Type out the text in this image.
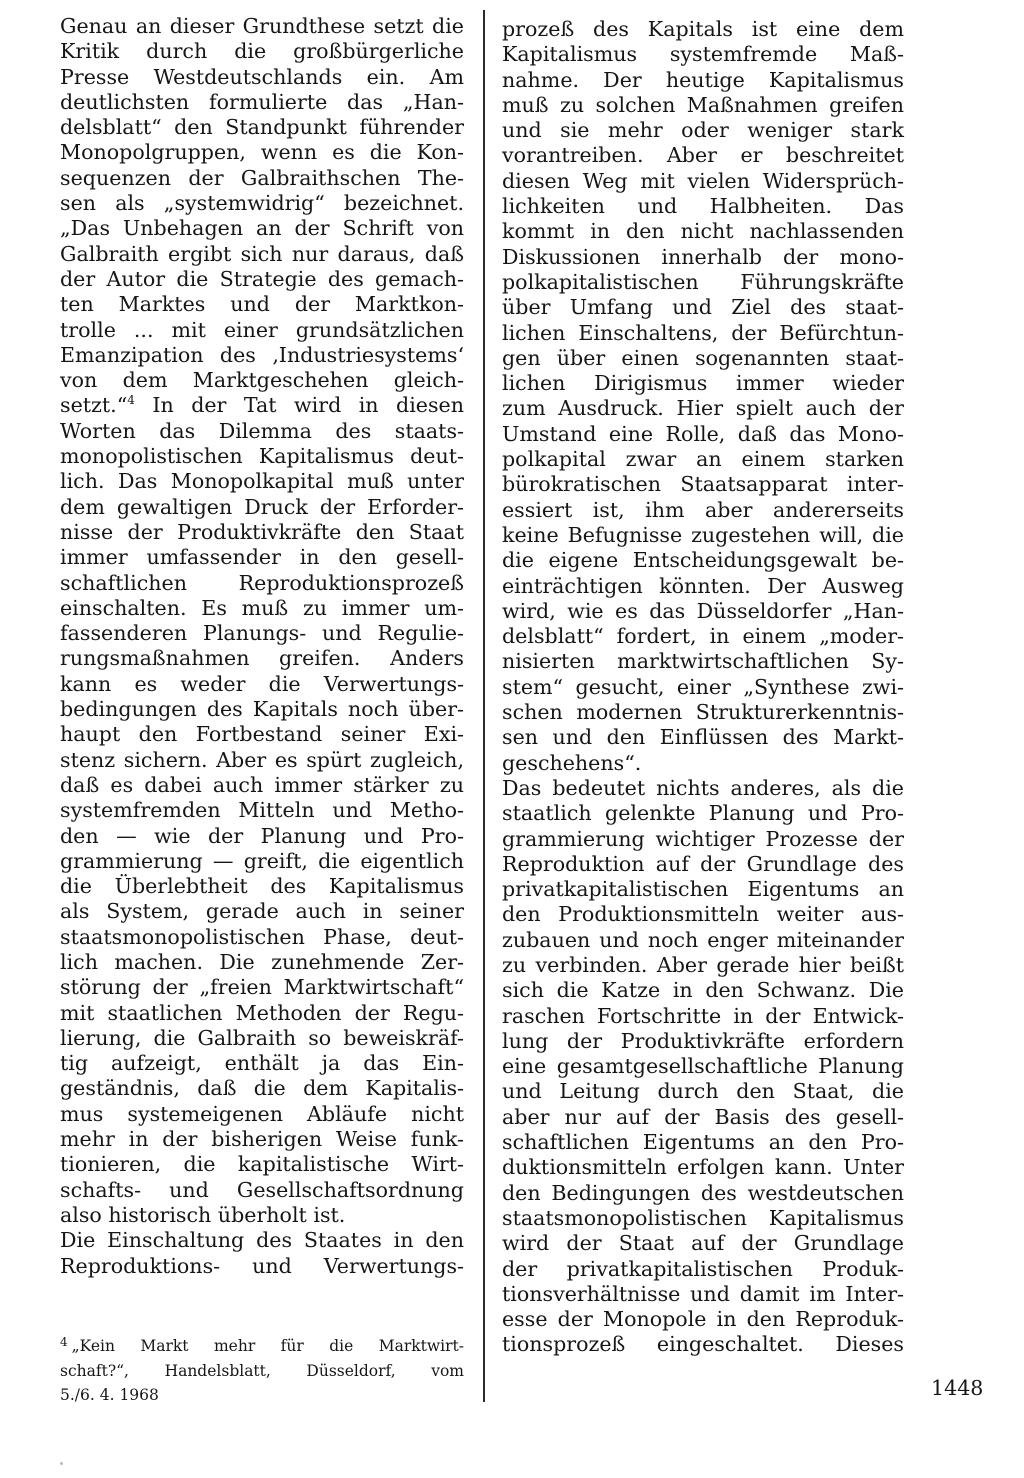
Genau an dieser Grundthese setzt die
Kritik durch die großbürgerliche
Presse Westdeutschlands ein. Am
deutlichsten formulierte das „Han-
delsblatt“ den Standpunkt führender
Monopolgruppen, wenn es die Kon-
sequenzen der Galbraithschen The-
sen als „systemwidrig“ bezeichnet.
„Das Unbehagen an der Schrift von
Galbraith ergibt sich nur daraus, daß
der Autor die Strategie des gemach-
ten Marktes und der Marktkon-
trolle ... mit einer grundsätzlichen
Emanzipation des ‚Industriesystems‘
von dem Marktgeschehen gleich-
setzt.“$^4$ In der Tat wird in diesen
Worten das Dilemma des staats-
monopolistischen Kapitalismus deut-
lich. Das Monopolkapital muß unter
dem gewaltigen Druck der Erforder-
nisse der Produktivkräfte den Staat
immer umfassender in den gesell-
schaftlichen Reproduktionsprozeß
einschalten. Es muß zu immer um-
fassenderen Planungs- und Regulie-
rungsmaßnahmen greifen. Anders
kann es weder die Verwertungs-
bedingungen des Kapitals noch über-
haupt den Fortbestand seiner Exi-
stenz sichern. Aber es spürt zugleich,
daß es dabei auch immer stärker zu
systemfremden Mitteln und Metho-
den — wie der Planung und Pro-
grammierung — greift, die eigentlich
die Überlebtheit des Kapitalismus
als System, gerade auch in seiner
staatsmonopolistischen Phase, deut-
lich machen. Die zunehmende Zer-
störung der „freien Marktwirtschaft“
mit staatlichen Methoden der Regu-
lierung, die Galbraith so beweiskräf-
tig aufzeigt, enthält ja das Ein-
geständnis, daß die dem Kapitalis-
mus systemeigenen Abläufe nicht
mehr in der bisherigen Weise funk-
tionieren, die kapitalistische Wirt-
schafts- und Gesellschaftsordnung
also historisch überholt ist.
Die Einschaltung des Staates in den
Reproduktions- und Verwertungs-
prozeß des Kapitals ist eine dem
Kapitalismus systemfremde Maß-
nahme. Der heutige Kapitalismus
muß zu solchen Maßnahmen greifen
und sie mehr oder weniger stark
vorantreiben. Aber er beschreitet
diesen Weg mit vielen Widersprüch-
lichkeiten und Halbheiten. Das
kommt in den nicht nachlassenden
Diskussionen innerhalb der mono-
polkapitalistischen Führungskräfte
über Umfang und Ziel des staat-
lichen Einschaltens, der Befürchtun-
gen über einen sogenannten staat-
lichen Dirigismus immer wieder
zum Ausdruck. Hier spielt auch der
Umstand eine Rolle, daß das Mono-
polkapital zwar an einem starken
bürokratischen Staatsapparat inter-
essiert ist, ihm aber andererseits
keine Befugnisse zugestehen will, die
die eigene Entscheidungsgewalt be-
einträchtigen könnten. Der Ausweg
wird, wie es das Düsseldorfer „Han-
delsblatt“ fordert, in einem „moder-
nisierten marktwirtschaftlichen Sy-
stem“ gesucht, einer „Synthese zwi-
schen modernen Strukturerkenntnis-
sen und den Einflüssen des Markt-
geschehens“.
Das bedeutet nichts anderes, als die
staatlich gelenkte Planung und Pro-
grammierung wichtiger Prozesse der
Reproduktion auf der Grundlage des
privatkapitalistischen Eigentums an
den Produktionsmitteln weiter aus-
zubauen und noch enger miteinander
zu verbinden. Aber gerade hier beißt
sich die Katze in den Schwanz. Die
raschen Fortschritte in der Entwick-
lung der Produktivkräfte erfordern
eine gesamtgesellschaftliche Planung
und Leitung durch den Staat, die
aber nur auf der Basis des gesell-
schaftlichen Eigentums an den Pro-
duktionsmitteln erfolgen kann. Unter
den Bedingungen des westdeutschen
staatsmonopolistischen Kapitalismus
wird der Staat auf der Grundlage
der privatkapitalistischen Produk-
tionsverhältnisse und damit im Inter-
esse der Monopole in den Reproduk-
tionsprozeß eingeschaltet. Dieses
$^4$ „Kein Markt mehr für die Marktwirt-
schaft?“, Handelsblatt, Düsseldorf, vom
5./6. 4. 1968	1448
